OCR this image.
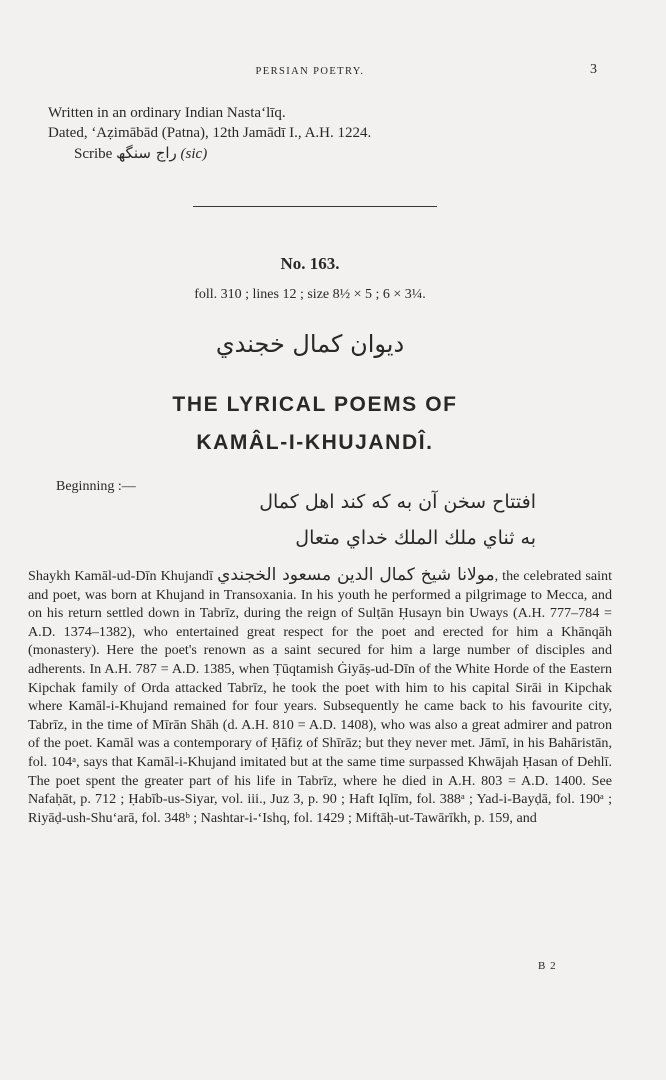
PERSIAN POETRY.	3
Written in an ordinary Indian Nasta‘līq.
Dated, ‘Aẓimābād (Patna), 12th Jamādī I., A.H. 1224.
Scribe راج سنگھ (sic)
No. 163.
foll. 310 ; lines 12 ; size 8½ × 5 ; 6 × 3¼.
ديوان كمال خجندي
THE LYRICAL POEMS OF
KAMÂL-I-KHUJANDÎ.
Beginning :—
افتتاح سخن آن به که کند اهل کمال
به ثناي ملك الملك خداي متعال
Shaykh Kamāl-ud-Dīn Khujandī مولانا شيخ كمال الدين مسعود الخجندي, the celebrated saint and poet, was born at Khujand in Transoxania. In his youth he performed a pilgrimage to Mecca, and on his return settled down in Tabrīz, during the reign of Sulṭān Ḥusayn bin Uways (A.H. 777–784 = A.D. 1374–1382), who entertained great respect for the poet and erected for him a Khānqāh (monastery). Here the poet's renown as a saint secured for him a large number of disciples and adherents. In A.H. 787 = A.D. 1385, when Ṭūqtamish Ġiyāṣ-ud-Dīn of the White Horde of the Eastern Kipchak family of Orda attacked Tabrīz, he took the poet with him to his capital Sirāi in Kipchak where Kamāl-i-Khujand remained for four years. Subsequently he came back to his favourite city, Tabrīz, in the time of Mīrān Shāh (d. A.H. 810 = A.D. 1408), who was also a great admirer and patron of the poet. Kamāl was a contemporary of Ḥāfiẓ of Shīrāz; but they never met. Jāmī, in his Bahāristān, fol. 104ᵃ, says that Kamāl-i-Khujand imitated but at the same time surpassed Khwājah Ḥasan of Dehlī. The poet spent the greater part of his life in Tabrīz, where he died in A.H. 803 = A.D. 1400. See Nafaḥāt, p. 712 ; Ḥabīb-us-Siyar, vol. iii., Juz 3, p. 90 ; Haft Iqlīm, fol. 388ᵃ ; Yad-i-Bayḍā, fol. 190ᵃ ; Riyāḍ-ush-Shu‘arā, fol. 348ᵇ ; Nashtar-i-‘Ishq, fol. 1429 ; Miftāḥ-ut-Tawārīkh, p. 159, and
B 2
